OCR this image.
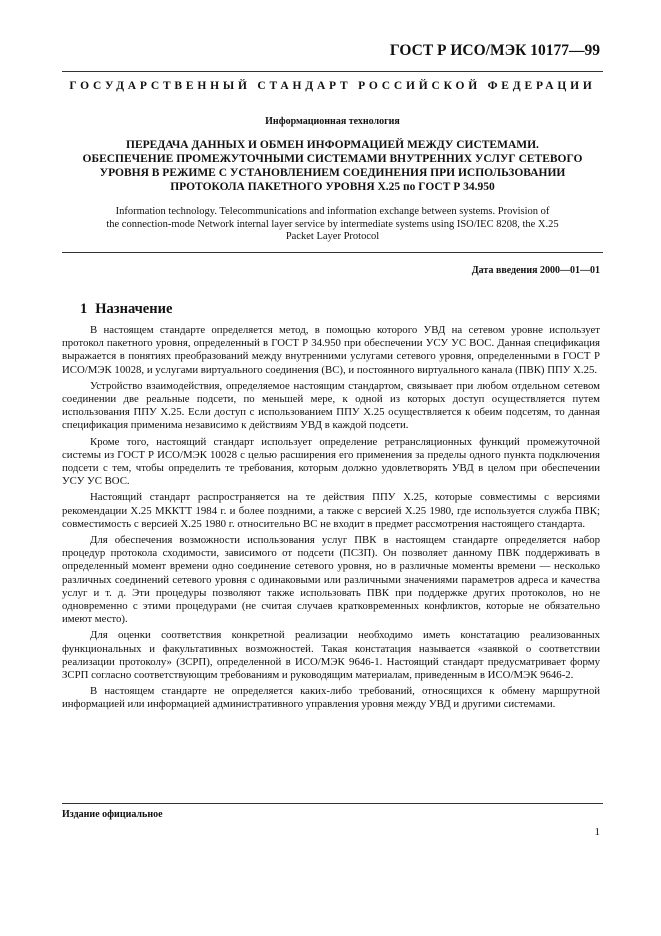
ГОСТ Р ИСО/МЭК 10177—99
ГОСУДАРСТВЕННЫЙ СТАНДАРТ РОССИЙСКОЙ ФЕДЕРАЦИИ
Информационная технология
ПЕРЕДАЧА ДАННЫХ И ОБМЕН ИНФОРМАЦИЕЙ МЕЖДУ СИСТЕМАМИ.
ОБЕСПЕЧЕНИЕ ПРОМЕЖУТОЧНЫМИ СИСТЕМАМИ ВНУТРЕННИХ УСЛУГ СЕТЕВОГО
УРОВНЯ В РЕЖИМЕ С УСТАНОВЛЕНИЕМ СОЕДИНЕНИЯ ПРИ ИСПОЛЬЗОВАНИИ
ПРОТОКОЛА ПАКЕТНОГО УРОВНЯ Х.25 по ГОСТ Р 34.950
Information technology. Telecommunications and information exchange between systems. Provision of
the connection-mode Network internal layer service by intermediate systems using ISO/IEC 8208, the X.25
Packet Layer Protocol
Дата введения 2000—01—01
1 Назначение

В настоящем стандарте определяется метод, в помощью которого УВД на сетевом уровне использует протокол пакетного уровня, определенный в ГОСТ Р 34.950 при обеспечении УСУ УС ВОС. Данная спецификация выражается в понятиях преобразований между внутренними услугами сетевого уровня, определенными в ГОСТ Р ИСО/МЭК 10028, и услугами виртуального соединения (ВС), и постоянного виртуального канала (ПВК) ППУ Х.25.

Устройство взаимодействия, определяемое настоящим стандартом, связывает при любом отдельном сетевом соединении две реальные подсети, по меньшей мере, к одной из которых доступ осуществляется путем использования ППУ Х.25. Если доступ с использованием ППУ Х.25 осуществляется к обеим подсетям, то данная спецификация применима независимо к действиям УВД в каждой подсети.

Кроме того, настоящий стандарт использует определение ретрансляционных функций промежуточной системы из ГОСТ Р ИСО/МЭК 10028 с целью расширения его применения за пределы одного пункта подключения подсети с тем, чтобы определить те требования, которым должно удовлетворять УВД в целом при обеспечении УСУ УС ВОС.

Настоящий стандарт распространяется на те действия ППУ Х.25, которые совместимы с версиями рекомендации Х.25 МККТТ 1984 г. и более поздними, а также с версией Х.25 1980, где используется служба ПВК; совместимость с версией Х.25 1980 г. относительно ВС не входит в предмет рассмотрения настоящего стандарта.

Для обеспечения возможности использования услуг ПВК в настоящем стандарте определяется набор процедур протокола сходимости, зависимого от подсети (ПСЗП). Он позволяет данному ПВК поддерживать в определенный момент времени одно соединение сетевого уровня, но в различные моменты времени — несколько различных соединений сетевого уровня с одинаковыми или различными значениями параметров адреса и качества услуг и т. д. Эти процедуры позволяют также использовать ПВК при поддержке других протоколов, но не одновременно с этими процедурами (не считая случаев кратковременных конфликтов, которые не обязательно имеют место).

Для оценки соответствия конкретной реализации необходимо иметь констатацию реализованных функциональных и факультативных возможностей. Такая констатация называется «заявкой о соответствии реализации протоколу» (ЗСРП), определенной в ИСО/МЭК 9646-1. Настоящий стандарт предусматривает форму ЗСРП согласно соответствующим требованиям и руководящим материалам, приведенным в ИСО/МЭК 9646-2.

В настоящем стандарте не определяется каких-либо требований, относящихся к обмену маршрутной информацией или информацией административного управления уровня между УВД и другими системами.

Издание официальное
1
